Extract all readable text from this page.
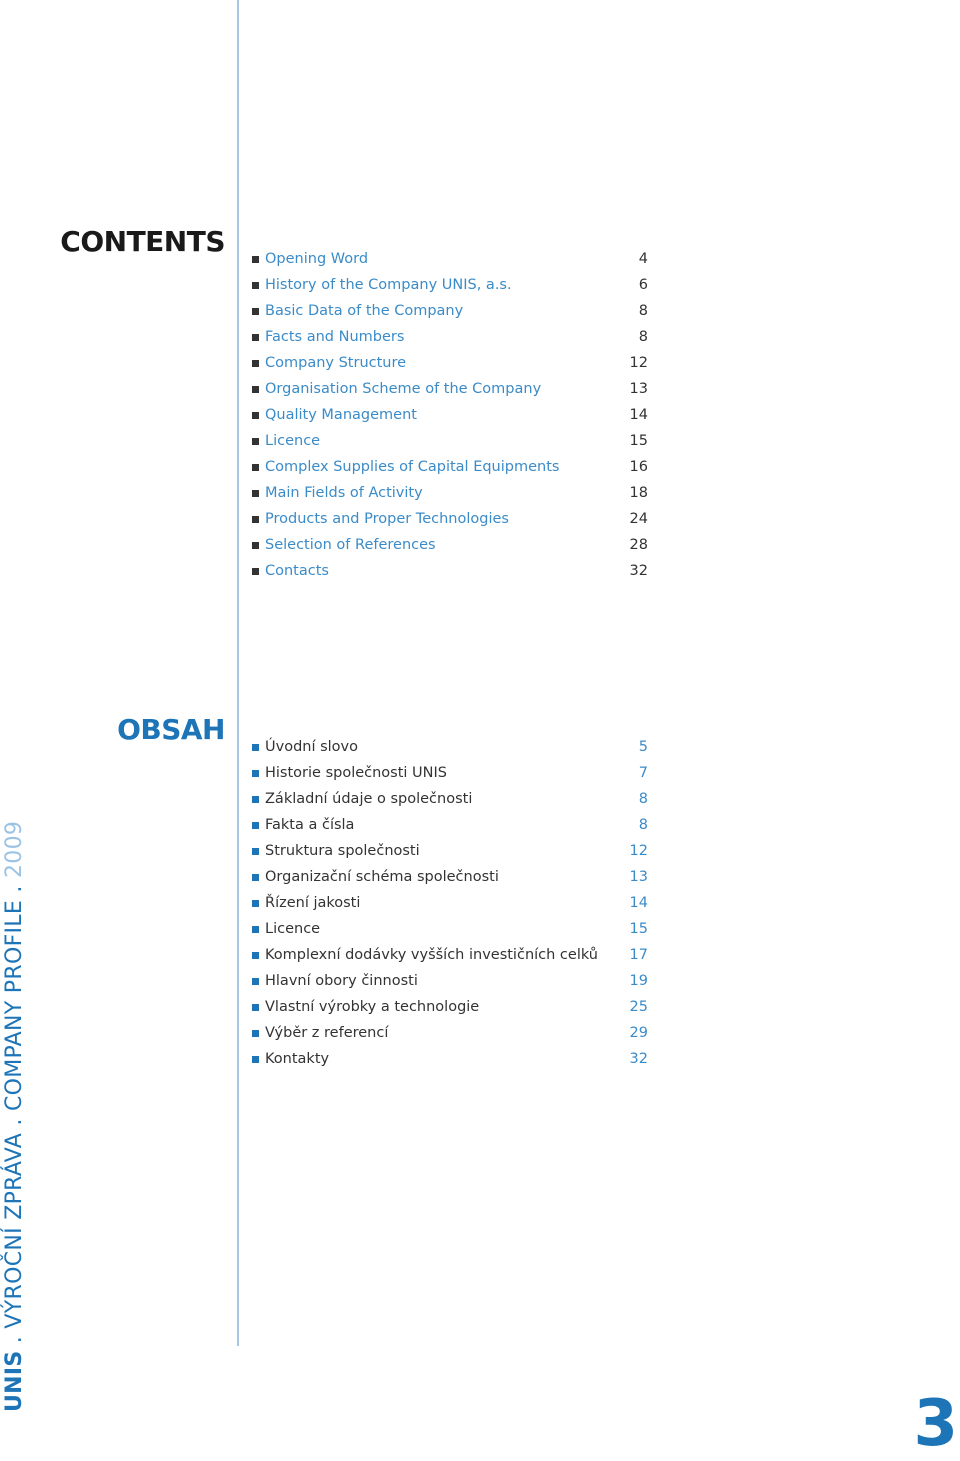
CONTENTS
Opening Word	4
History of the Company UNIS, a.s.	6
Basic Data of the Company	8
Facts and Numbers	8
Company Structure	12
Organisation Scheme of the Company	13
Quality Management	14
Licence	15
Complex Supplies of Capital Equipments	16
Main Fields of Activity	18
Products and Proper Technologies	24
Selection of References	28
Contacts	32
OBSAH
Úvodní slovo	5
Historie společnosti UNIS	7
Základní údaje o společnosti	8
Fakta a čísla	8
Struktura společnosti	12
Organizační schéma společnosti	13
Řízení jakosti	14
Licence	15
Komplexní dodávky vyšších investičních celků	17
Hlavní obory činnosti	19
Vlastní výrobky a technologie	25
Výběr z referencí	29
Kontakty	32
UNIS . VÝROČNÍ ZPRÁVA . COMPANY PROFILE . 2009
3
